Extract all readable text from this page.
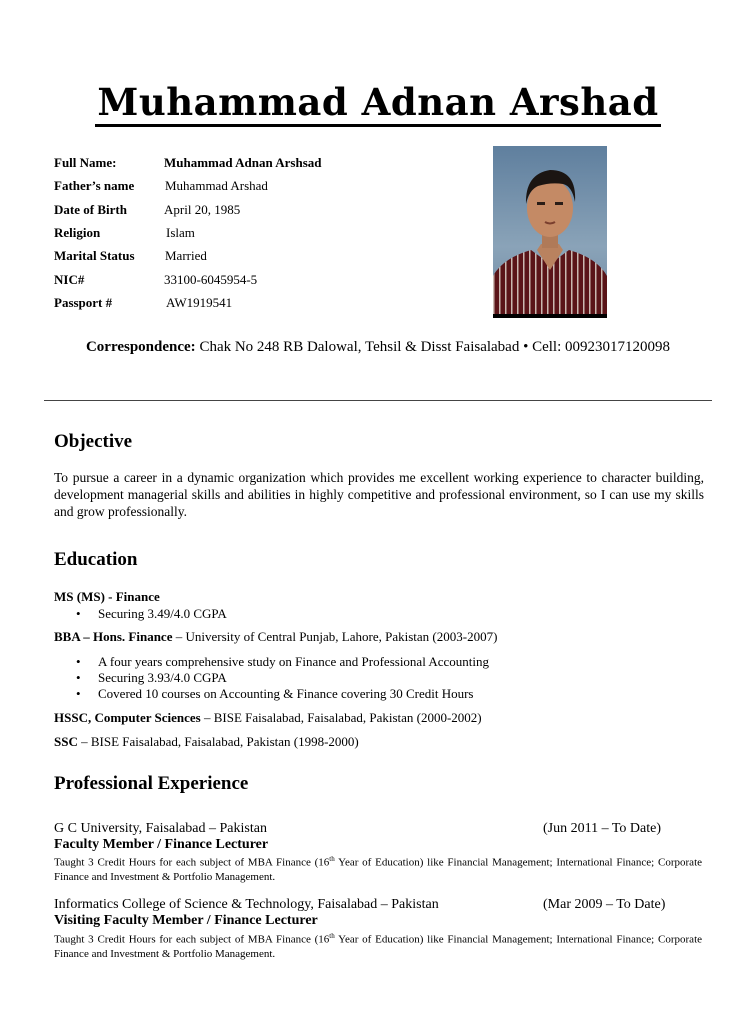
Muhammad Adnan Arshad
Full Name:	Muhammad Adnan Arshsad
Father’s name Muhammad Arshad
Date of Birth	April 20, 1985
Religion	Islam
Marital Status Married
NIC#	33100-6045954-5
Passport #	AW1919541
Correspondence: Chak No 248 RB Dalowal, Tehsil & Disst Faisalabad • Cell: 00923017120098
Objective
To pursue a career in a dynamic organization which provides me excellent working experience to character building, development managerial skills and abilities in highly competitive and professional environment, so I can use my skills and grow professionally.
Education
MS (MS) - Finance
• Securing 3.49/4.0 CGPA
BBA – Hons. Finance – University of Central Punjab, Lahore, Pakistan (2003-2007)
• A four years comprehensive study on Finance and Professional Accounting
• Securing 3.93/4.0 CGPA
• Covered 10 courses on Accounting & Finance covering 30 Credit Hours
HSSC, Computer Sciences – BISE Faisalabad, Faisalabad, Pakistan (2000-2002)
SSC – BISE Faisalabad, Faisalabad, Pakistan (1998-2000)
Professional Experience
G C University, Faisalabad – Pakistan	(Jun 2011 – To Date)
Faculty Member / Finance Lecturer
Taught 3 Credit Hours for each subject of MBA Finance (16th Year of Education) like Financial Management; International Finance; Corporate Finance and Investment & Portfolio Management.
Informatics College of Science & Technology, Faisalabad – Pakistan	(Mar 2009 – To Date)
Visiting Faculty Member / Finance Lecturer
Taught 3 Credit Hours for each subject of MBA Finance (16th Year of Education) like Financial Management; International Finance; Corporate Finance and Investment & Portfolio Management.
